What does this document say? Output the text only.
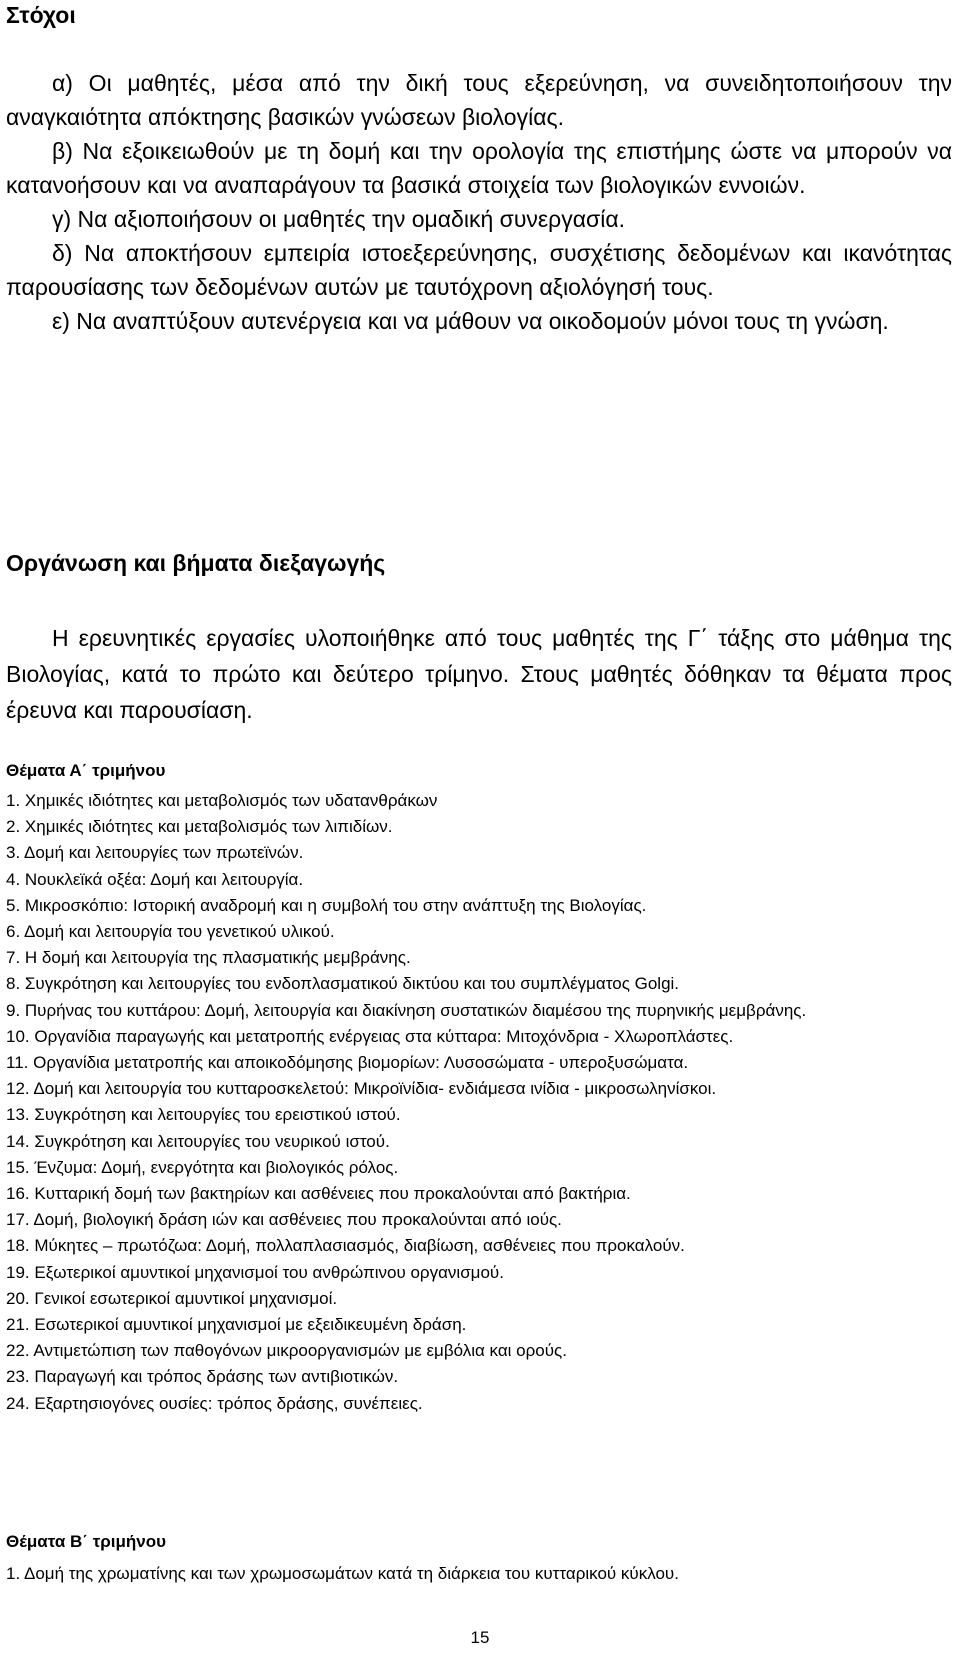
Στόχοι

α) Οι μαθητές, μέσα από την δική τους εξερεύνηση, να συνειδητοποιήσουν την αναγκαιότητα απόκτησης βασικών γνώσεων βιολογίας.

β) Να εξοικειωθούν με τη δομή και την ορολογία της επιστήμης ώστε να μπορούν να κατανοήσουν και να αναπαράγουν τα βασικά στοιχεία των βιολογικών εννοιών.

γ) Να αξιοποιήσουν οι μαθητές την ομαδική συνεργασία.

δ) Να αποκτήσουν εμπειρία ιστοεξερεύνησης, συσχέτισης δεδομένων και ικανότητας παρουσίασης των δεδομένων αυτών με ταυτόχρονη αξιολόγησή τους.

ε) Να αναπτύξουν αυτενέργεια και να μάθουν να οικοδομούν μόνοι τους τη γνώση.

Οργάνωση και βήματα διεξαγωγής

Η ερευνητικές εργασίες υλοποιήθηκε από τους μαθητές της Γ΄ τάξης στο μάθημα της Βιολογίας, κατά το πρώτο και δεύτερο τρίμηνο. Στους μαθητές δόθηκαν τα θέματα προς έρευνα και παρουσίαση.

Θέματα Α΄ τριμήνου
1. Χημικές ιδιότητες και μεταβολισμός των υδατανθράκων
2. Χημικές ιδιότητες και μεταβολισμός των λιπιδίων.
3. Δομή και λειτουργίες των πρωτεϊνών.
4. Νουκλεϊκά οξέα: Δομή και λειτουργία.
5. Μικροσκόπιο: Ιστορική αναδρομή και η συμβολή του στην ανάπτυξη της Βιολογίας.
6. Δομή και λειτουργία του γενετικού υλικού.
7. Η δομή και λειτουργία της πλασματικής μεμβράνης.
8. Συγκρότηση και λειτουργίες του ενδοπλασματικού δικτύου και του συμπλέγματος Golgi.
9. Πυρήνας του κυττάρου: Δομή, λειτουργία και διακίνηση συστατικών διαμέσου της πυρηνικής μεμβράνης.
10. Οργανίδια παραγωγής και μετατροπής ενέργειας στα κύτταρα: Μιτοχόνδρια - Χλωροπλάστες.
11. Οργανίδια μετατροπής και αποικοδόμησης βιομορίων: Λυσοσώματα - υπεροξυσώματα.
12. Δομή και λειτουργία του κυτταροσκελετού: Μικροϊνίδια- ενδιάμεσα ινίδια - μικροσωληνίσκοι.
13. Συγκρότηση και λειτουργίες του ερειστικού ιστού.
14. Συγκρότηση και λειτουργίες του νευρικού ιστού.
15. Ένζυμα: Δομή, ενεργότητα και βιολογικός ρόλος.
16. Κυτταρική δομή των βακτηρίων και ασθένειες που προκαλούνται από βακτήρια.
17. Δομή, βιολογική δράση ιών και ασθένειες που προκαλούνται από ιούς.
18. Μύκητες – πρωτόζωα: Δομή, πολλαπλασιασμός, διαβίωση, ασθένειες που προκαλούν.
19. Εξωτερικοί αμυντικοί μηχανισμοί του ανθρώπινου οργανισμού.
20. Γενικοί εσωτερικοί αμυντικοί μηχανισμοί.
21. Εσωτερικοί αμυντικοί μηχανισμοί με εξειδικευμένη δράση.
22. Αντιμετώπιση των παθογόνων μικροοργανισμών με εμβόλια και ορούς.
23. Παραγωγή και τρόπος δράσης των αντιβιοτικών.
24. Εξαρτησιογόνες ουσίες: τρόπος δράσης, συνέπειες.
Θέματα Β΄ τριμήνου
1. Δομή της χρωματίνης και των χρωμοσωμάτων κατά τη διάρκεια του κυτταρικού κύκλου.
15
